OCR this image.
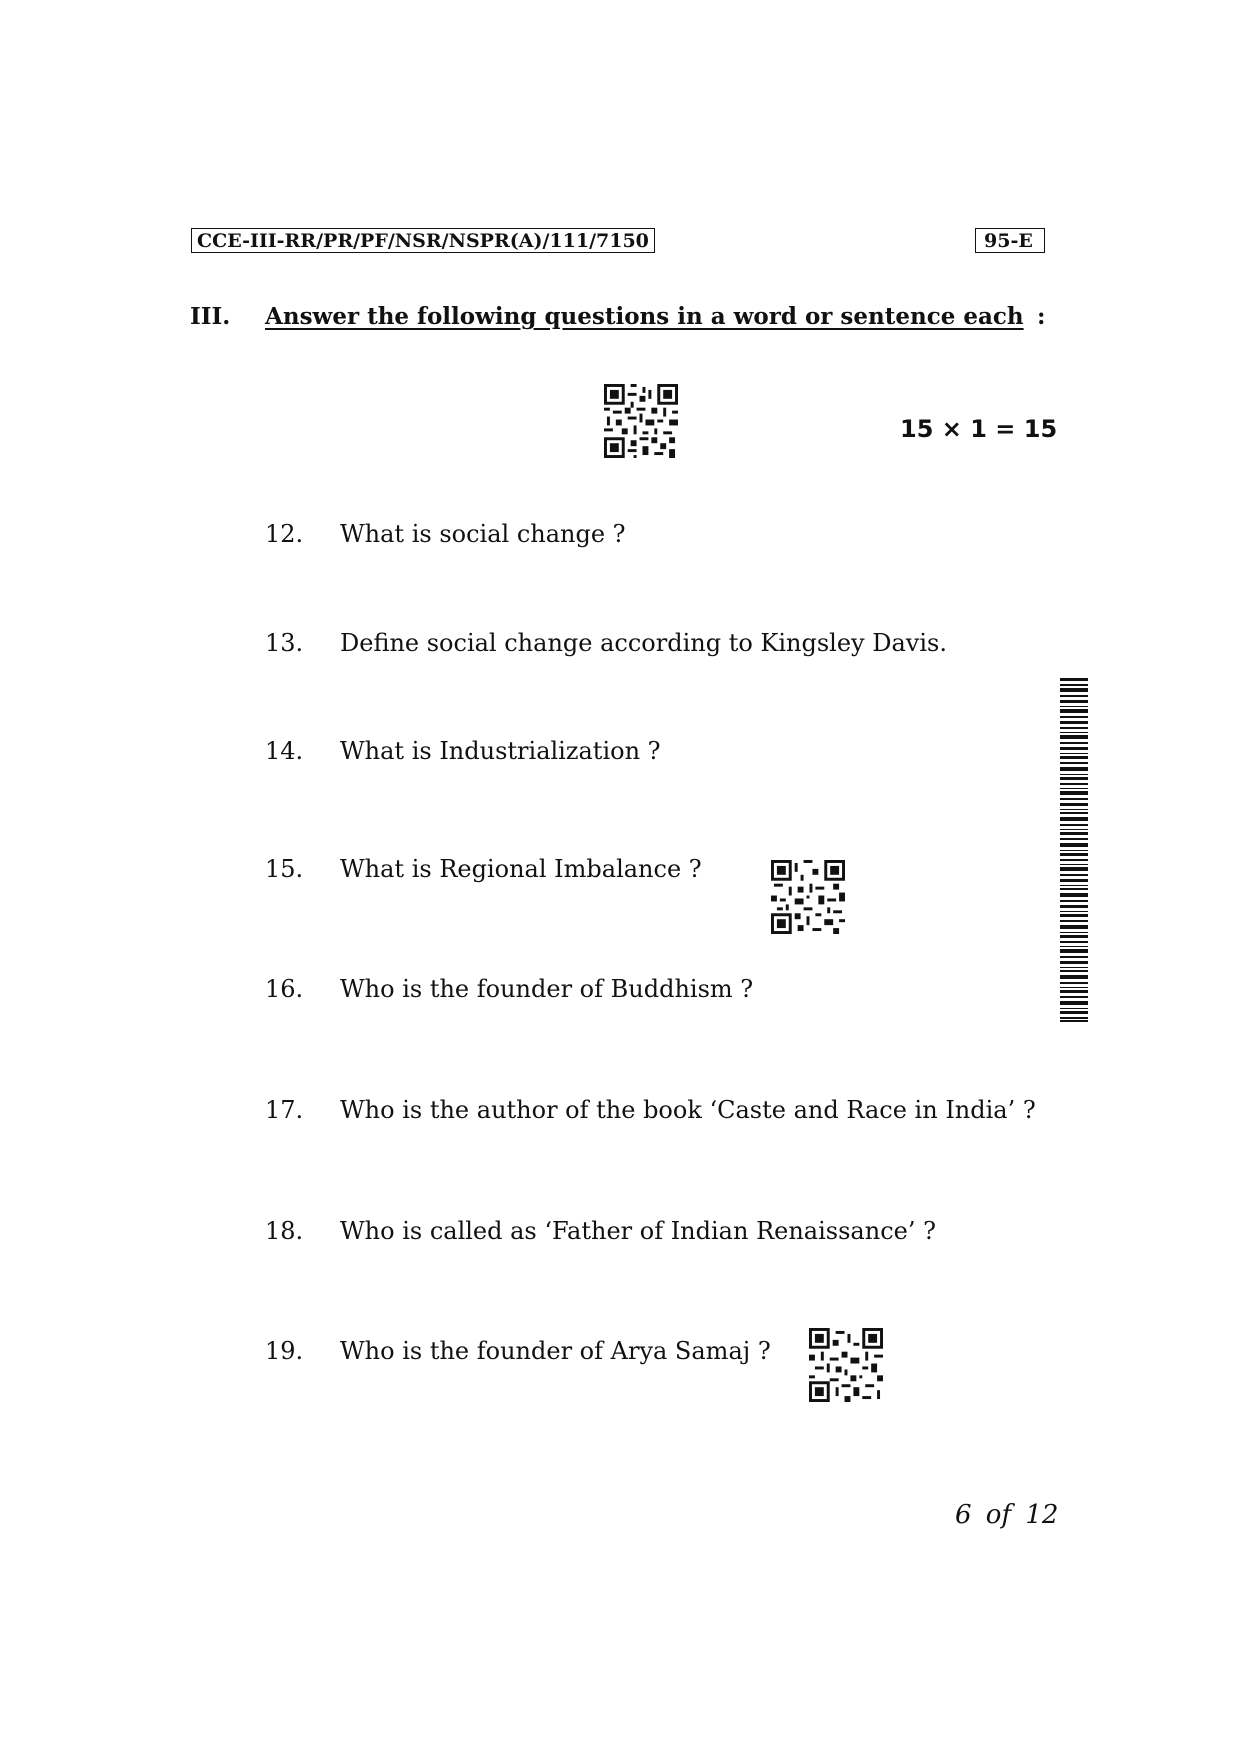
CCE-III-RR/PR/PF/NSR/NSPR(A)/111/7150	95-E
III. Answer the following questions in a word or sentence each :
15 × 1 = 15
12. What is social change ?
13. Define social change according to Kingsley Davis.
14. What is Industrialization ?
15. What is Regional Imbalance ?
16. Who is the founder of Buddhism ?
17. Who is the author of the book ‘Caste and Race in India’ ?
18. Who is called as ‘Father of Indian Renaissance’ ?
19. Who is the founder of Arya Samaj ?
6 of 12
